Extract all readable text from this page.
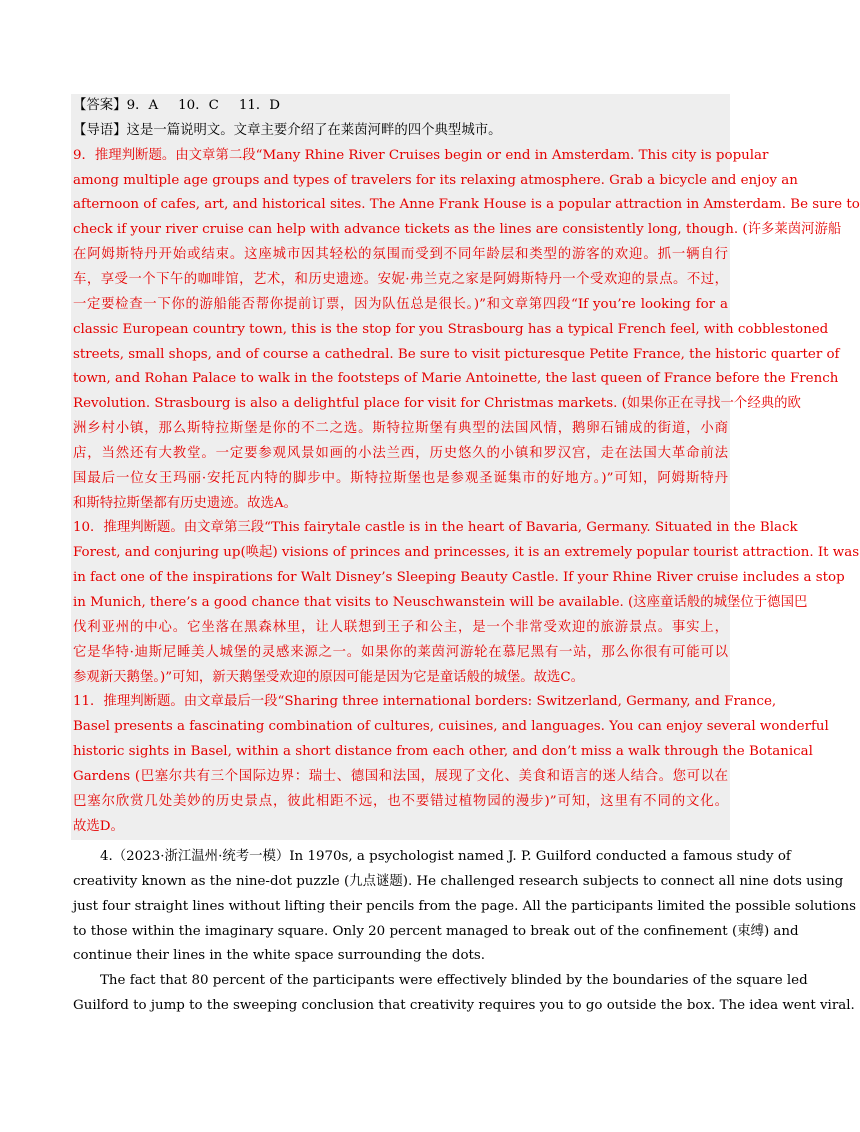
【答案】9．A 10．C 11．D
【导语】这是一篇说明文。文章主要介绍了在莱茵河畔的四个典型城市。
9．推理判断题。由文章第二段“Many Rhine River Cruises begin or end in Amsterdam. This city is popular
among multiple age groups and types of travelers for its relaxing atmosphere. Grab a bicycle and enjoy an
afternoon of cafes, art, and historical sites. The Anne Frank House is a popular attraction in Amsterdam. Be sure to
check if your river cruise can help with advance tickets as the lines are consistently long, though. (许多莱茵河游船
在阿姆斯特丹开始或结束。这座城市因其轻松的氛围而受到不同年龄层和类型的游客的欢迎。抓一辆自行
车，享受一个下午的咖啡馆，艺术，和历史遗迹。安妮·弗兰克之家是阿姆斯特丹一个受欢迎的景点。不过，
一定要检查一下你的游船能否帮你提前订票，因为队伍总是很长。)”和文章第四段“If you’re looking for a
classic European country town, this is the stop for you Strasbourg has a typical French feel, with cobblestoned
streets, small shops, and of course a cathedral. Be sure to visit picturesque Petite France, the historic quarter of
town, and Rohan Palace to walk in the footsteps of Marie Antoinette, the last queen of France before the French
Revolution. Strasbourg is also a delightful place for visit for Christmas markets. (如果你正在寻找一个经典的欧
洲乡村小镇，那么斯特拉斯堡是你的不二之选。斯特拉斯堡有典型的法国风情，鹅卵石铺成的街道，小商
店，当然还有大教堂。一定要参观风景如画的小法兰西，历史悠久的小镇和罗汉宫，走在法国大革命前法
国最后一位女王玛丽·安托瓦内特的脚步中。斯特拉斯堡也是参观圣诞集市的好地方。)”可知，阿姆斯特丹
和斯特拉斯堡都有历史遗迹。故选A。
10．推理判断题。由文章第三段“This fairytale castle is in the heart of Bavaria, Germany. Situated in the Black
Forest, and conjuring up(唤起) visions of princes and princesses, it is an extremely popular tourist attraction. It was
in fact one of the inspirations for Walt Disney’s Sleeping Beauty Castle. If your Rhine River cruise includes a stop
in Munich, there’s a good chance that visits to Neuschwanstein will be available. (这座童话般的城堡位于德国巴
伐利亚州的中心。它坐落在黑森林里，让人联想到王子和公主，是一个非常受欢迎的旅游景点。事实上，
它是华特·迪斯尼睡美人城堡的灵感来源之一。如果你的莱茵河游轮在慕尼黑有一站，那么你很有可能可以
参观新天鹅堡。)”可知，新天鹅堡受欢迎的原因可能是因为它是童话般的城堡。故选C。
11．推理判断题。由文章最后一段“Sharing three international borders: Switzerland, Germany, and France,
Basel presents a fascinating combination of cultures, cuisines, and languages. You can enjoy several wonderful
historic sights in Basel, within a short distance from each other, and don’t miss a walk through the Botanical
Gardens (巴塞尔共有三个国际边界：瑞士、德国和法国，展现了文化、美食和语言的迷人结合。您可以在
巴塞尔欣赏几处美妙的历史景点，彼此相距不远，也不要错过植物园的漫步)”可知，这里有不同的文化。
故选D。
4.（2023·浙江温州·统考一模）In 1970s, a psychologist named J. P. Guilford conducted a famous study of
creativity known as the nine-dot puzzle (九点谜题). He challenged research subjects to connect all nine dots using
just four straight lines without lifting their pencils from the page. All the participants limited the possible solutions
to those within the imaginary square. Only 20 percent managed to break out of the confinement (束缚) and
continue their lines in the white space surrounding the dots.
The fact that 80 percent of the participants were effectively blinded by the boundaries of the square led
Guilford to jump to the sweeping conclusion that creativity requires you to go outside the box. The idea went viral.
